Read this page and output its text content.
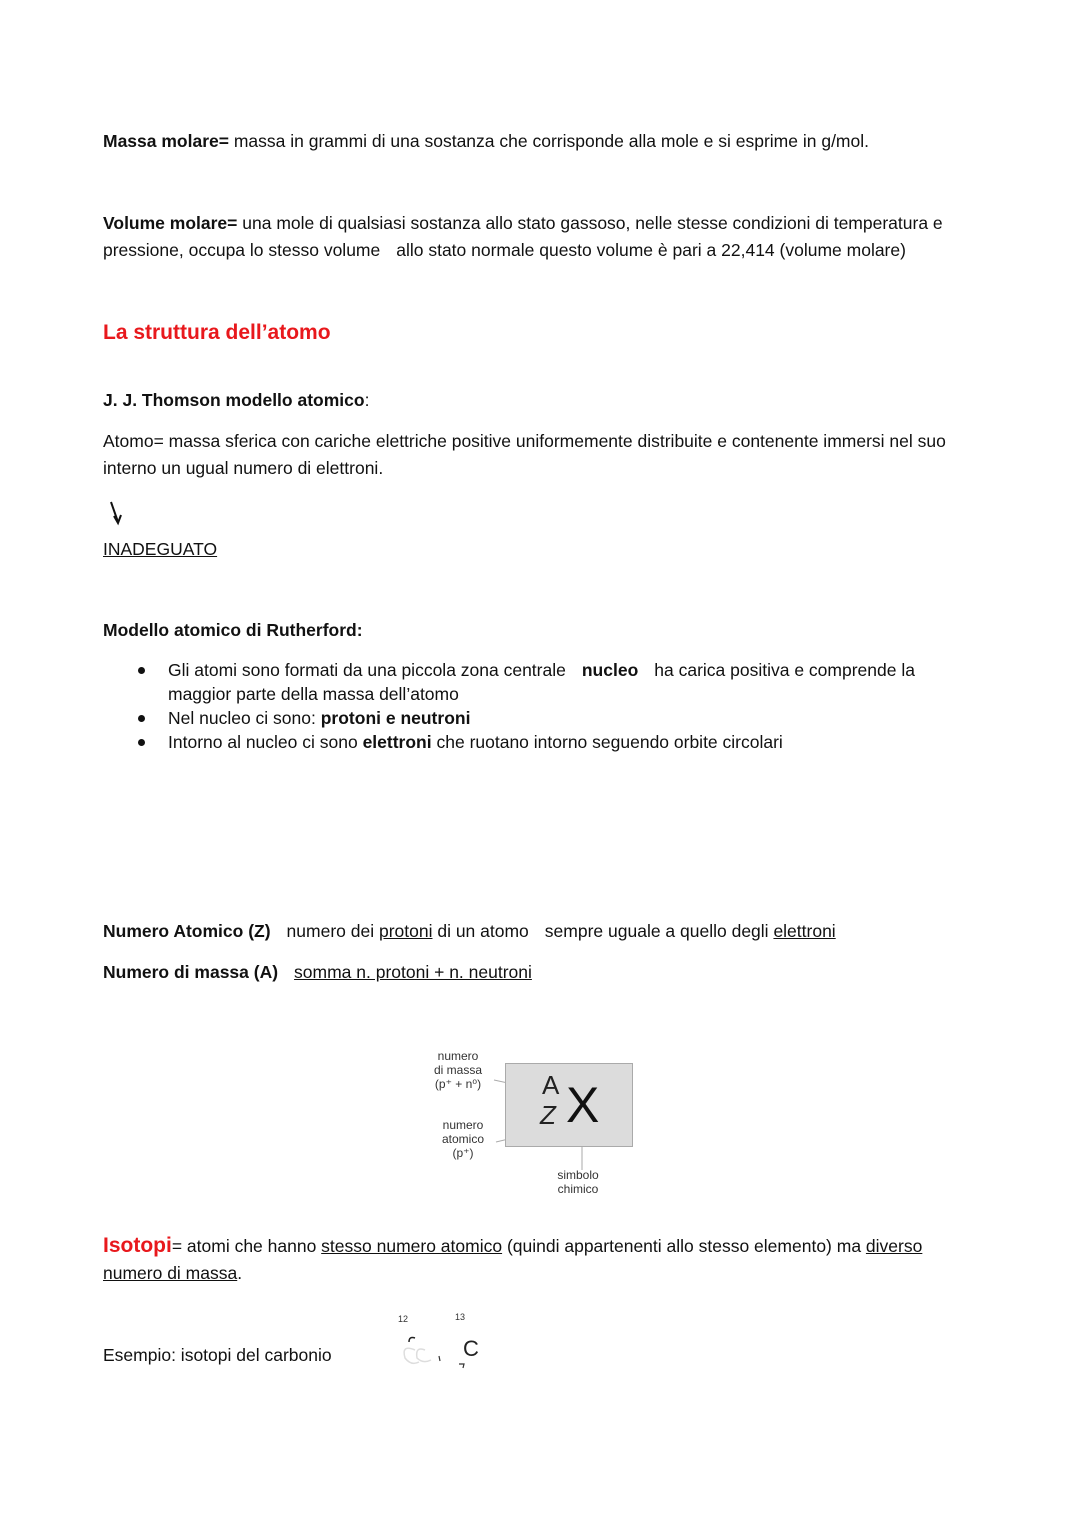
Massa molare= massa in grammi di una sostanza che corrisponde alla mole e si esprime in g/mol.
Volume molare= una mole di qualsiasi sostanza allo stato gassoso, nelle stesse condizioni di temperatura e pressione, occupa lo stesso volume allo stato normale questo volume è pari a 22,414 (volume molare)
La struttura dell’atomo
J. J. Thomson modello atomico:
Atomo= massa sferica con cariche elettriche positive uniformemente distribuite e contenente immersi nel suo interno un ugual numero di elettroni.
INADEGUATO
Modello atomico di Rutherford:
Gli atomi sono formati da una piccola zona centrale nucleo ha carica positiva e comprende la maggior parte della massa dell’atomo
Nel nucleo ci sono: protoni e neutroni
Intorno al nucleo ci sono elettroni che ruotano intorno seguendo orbite circolari
Numero Atomico (Z) numero dei protoni di un atomo sempre uguale a quello degli elettroni
Numero di massa (A) somma n. protoni + n. neutroni
numero
di massa
(p⁺ + n⁰)
numero
atomico
(p⁺)
A
Z X
simbolo
chimico
Isotopi= atomi che hanno stesso numero atomico (quindi appartenenti allo stesso elemento) ma diverso numero di massa.
Esempio: isotopi del carbonio
12	13
C
